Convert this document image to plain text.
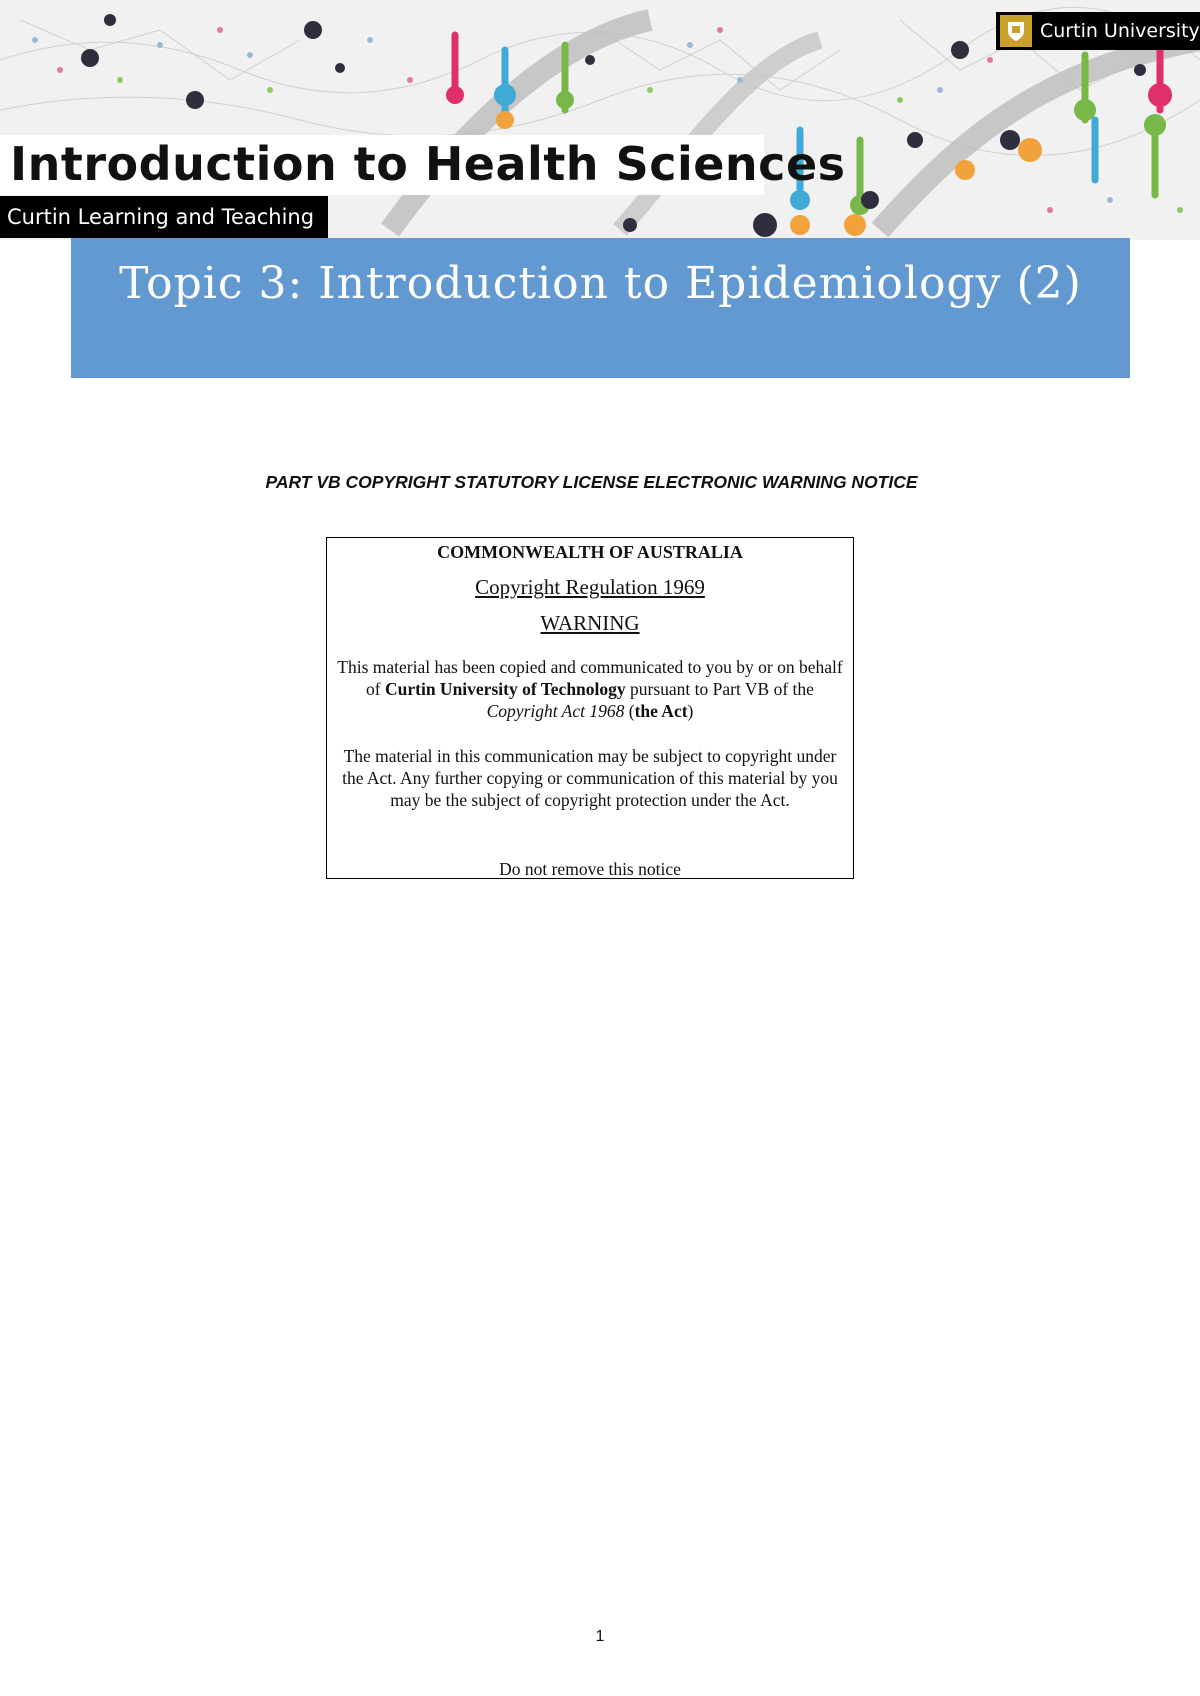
Introduction to Health Sciences
Curtin Learning and Teaching
Curtin University
Topic 3: Introduction to Epidemiology (2)

PART VB COPYRIGHT STATUTORY LICENSE ELECTRONIC WARNING NOTICE

COMMONWEALTH OF AUSTRALIA
Copyright Regulation 1969
WARNING
This material has been copied and communicated to you by or on behalf of Curtin University of Technology pursuant to Part VB of the Copyright Act 1968 (the Act)
The material in this communication may be subject to copyright under the Act. Any further copying or communication of this material by you may be the subject of copyright protection under the Act.
Do not remove this notice
1
